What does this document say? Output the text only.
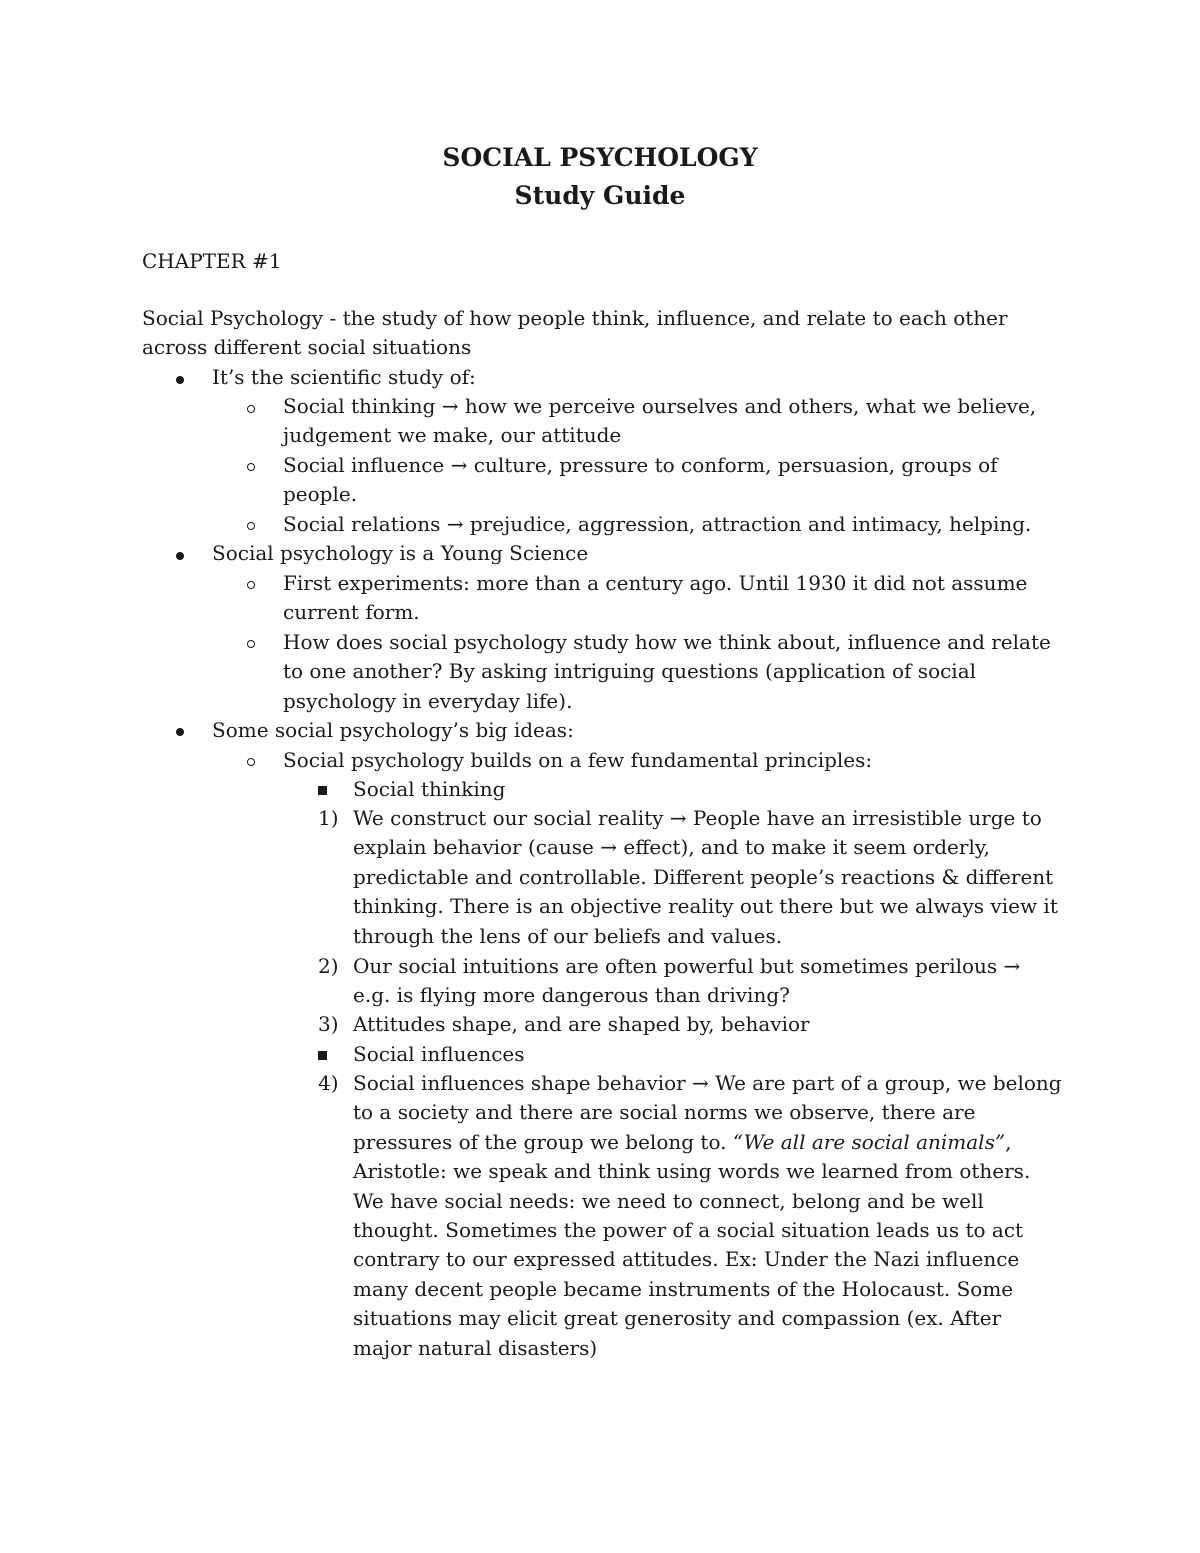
SOCIAL PSYCHOLOGY
Study Guide
CHAPTER #1
Social Psychology - the study of how people think, influence, and relate to each other across different social situations
It’s the scientific study of:
Social thinking → how we perceive ourselves and others, what we believe, judgement we make, our attitude
Social influence → culture, pressure to conform, persuasion, groups of people.
Social relations → prejudice, aggression, attraction and intimacy, helping.
Social psychology is a Young Science
First experiments: more than a century ago. Until 1930 it did not assume current form.
How does social psychology study how we think about, influence and relate to one another? By asking intriguing questions (application of social psychology in everyday life).
Some social psychology’s big ideas:
Social psychology builds on a few fundamental principles:
Social thinking
1) We construct our social reality → People have an irresistible urge to explain behavior (cause → effect), and to make it seem orderly, predictable and controllable. Different people’s reactions & different thinking. There is an objective reality out there but we always view it through the lens of our beliefs and values.
2) Our social intuitions are often powerful but sometimes perilous → e.g. is flying more dangerous than driving?
3) Attitudes shape, and are shaped by, behavior
Social influences
4) Social influences shape behavior → We are part of a group, we belong to a society and there are social norms we observe, there are pressures of the group we belong to. “We all are social animals”, Aristotle: we speak and think using words we learned from others. We have social needs: we need to connect, belong and be well thought. Sometimes the power of a social situation leads us to act contrary to our expressed attitudes. Ex: Under the Nazi influence many decent people became instruments of the Holocaust. Some situations may elicit great generosity and compassion (ex. After major natural disasters)
